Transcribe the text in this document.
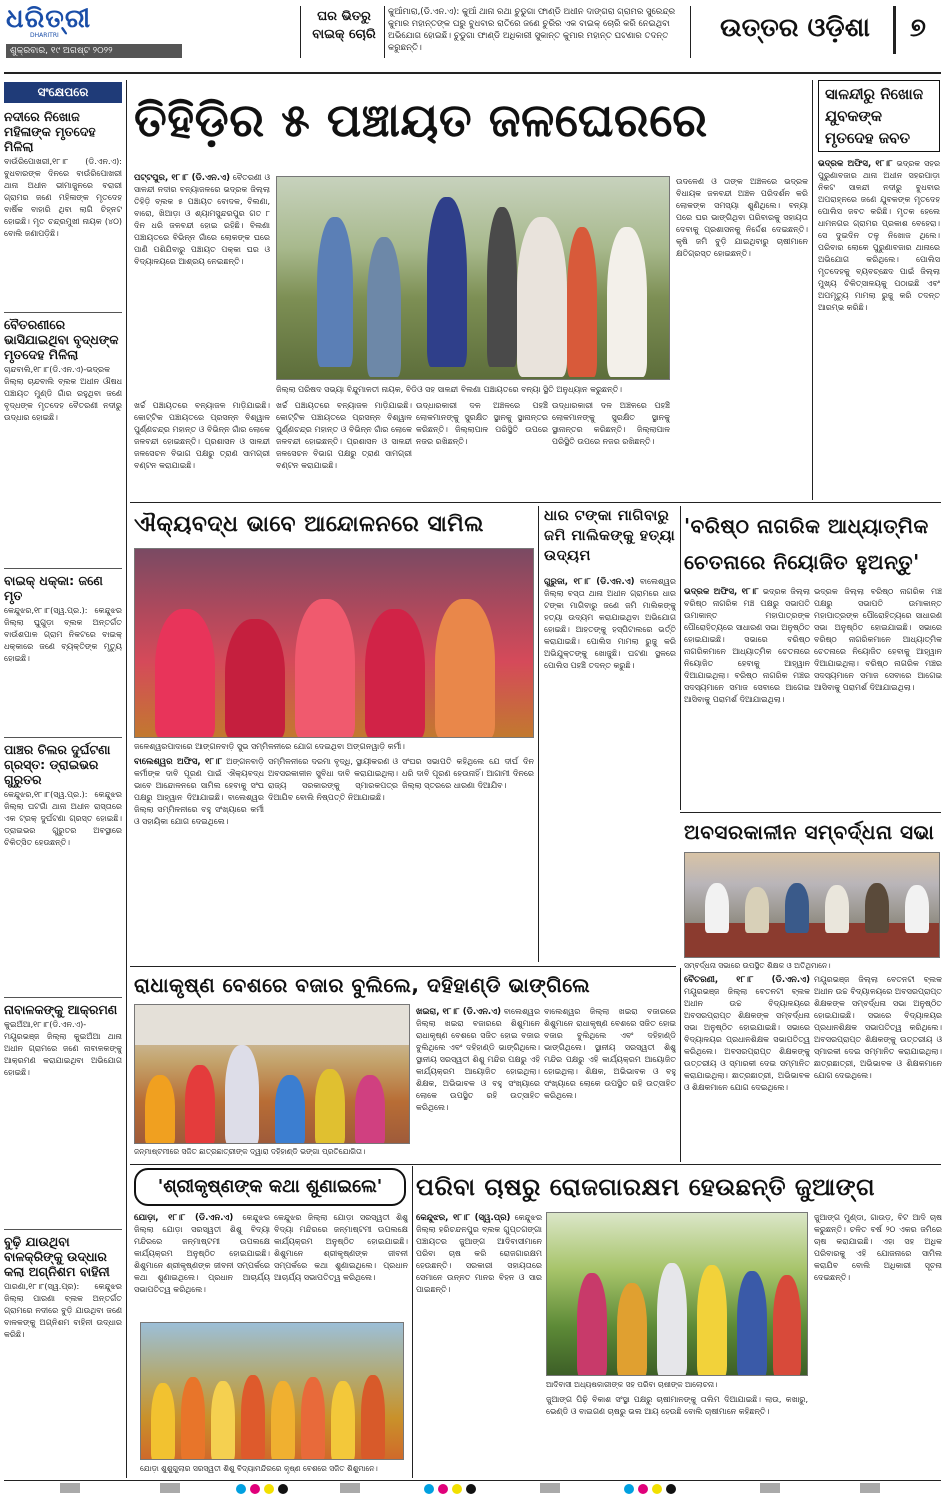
ଧରିତ୍ରୀ
DHARITRI
ଶୁକ୍ରବାର, ୧୯ ଅଗଷ୍ଟ ୨୦୨୨
ଘର ଭିତରୁ ବାଇକ୍ ଚୋରି
କୁଆଁମାରା,(ଡି.ଏନ.ଏ): କୁଆଁ ଥାନା ରଥା ଚୁଡୁଗା ଫାଣ୍ଡି ଅଧୀନ ଦାଙ୍ଗରା ଗ୍ରାମର ସୁରେନ୍ଦ୍ର କୁମାର ମହାନ୍ତଙ୍କ ଘରୁ ବୁଧବାର ରାତିରେ ଜଣେ ଚୁରିର ଏକ ବାଇକ୍ ଚୋରି କରି ନେଇଥିବା ଅଭିଯୋଗ ହୋଇଛି। ଚୁଡୁଗା ଫାଣ୍ଡି ଅଧିକାରୀ ସୁକାନ୍ତ କୁମାର ମହାନ୍ତ ଘଟଣାର ତଦନ୍ତ କରୁଛନ୍ତି।
ଉତ୍ତର ଓଡ଼ିଶା	୭
ସଂକ୍ଷେପରେ
ନଦୀରେ ନିଖୋଜ ମହିଳାଙ୍କ ମୃତଦେହ ମିଳିଲା
ବାଉଁରିପୋଖରୀ,୧୮।୮ (ଡି.ଏନ.ଏ): ବୁଧବାରଙ୍କ ଦିନରେ ବାଉଁରିପୋଖରୀ ଥାନା ଅଧୀନ ଭୀମାଜୁନରେ ବରାରୀ ଗ୍ରାମର ଜଣେ ମହିଳାଙ୍କ ମୃତଦେହ ବାର୍ଷିକ ବାହାରି ଥିବା ଲାଗି ଚିହ୍ନଟ ହୋଇଛି। ମୃତ ଚନ୍ଦ୍ରମୁଖୀ ନାୟକ (୪୦) ବୋଲି ଜଣାପଡ଼ିଛି।
ବୈତରଣୀରେ ଭାସିଯାଇଥିବା ବୃଦ୍ଧଙ୍କ ମୃତଦେହ ମିଳିଲା
ଚାନ୍ଦବାଲି,୧୮।୮(ଡି.ଏନ.ଏ)-ଭଦ୍ରକ ଜିଲ୍ଲା ଚାନ୍ଦବାଲି ବ୍ଲକ ଅଧୀନ ଔଷଧ ପଞ୍ଚାୟତ ମୁଣ୍ଡି ଗାଁର ରହୁଥିବା ଜଣେ ବୃଦ୍ଧଙ୍କ ମୃତଦେହ ବୈତରଣୀ ନଦୀରୁ ଉଦ୍ଧାର ହୋଇଛି।
ବାଇକ୍ ଧକ୍କା: ଜଣେ ମୃତ
କେନ୍ଦୁଝର,୧୮।୮(ସ୍ୱ.ପ୍ର.): କେନ୍ଦୁଝର ଜିଲ୍ଲା ଘୁଗୁଡ଼ା ବ୍ଲକ ଅନ୍ତର୍ଗତ ବାଉଁଶପାଳ ଗ୍ରାମ ନିକଟରେ ବାଇକ୍ ଧକ୍କାରେ ଜଣେ ବ୍ୟକ୍ତିଙ୍କ ମୃତ୍ୟୁ ହୋଇଛି।
ପାଞ୍ଚର ଚିଲର ଦୁର୍ଘଟଣା ଗ୍ରସ୍ତ: ଡ୍ରାଇଭର ଗୁରୁତର
କେନ୍ଦୁଝର,୧୮।୮(ସ୍ୱ.ପ୍ର.): କେନ୍ଦୁଝର ଜିଲ୍ଲା ଘଟଗାଁ ଥାନା ଅଧୀନ ରାସ୍ତାରେ ଏକ ଟ୍ରକ୍ ଦୁର୍ଘଟଣା ଗ୍ରସ୍ତ ହୋଇଛି। ଡ୍ରାଇଭର ଗୁରୁତର ଅବସ୍ଥାରେ ଚିକିତ୍ସିତ ହେଉଛନ୍ତି।
ନାବାଳକଙ୍କୁ ଆକ୍ରମଣ
କୁଇଅଁଆ,୧୮।୮(ଡି.ଏନ.ଏ)- ମୟୂରଭଞ୍ଜ ଜିଲ୍ଲା କୁଇଅଁଆ ଥାନା ଅଧୀନ ଗ୍ରାମରେ ଜଣେ ନାବାଳକଙ୍କୁ ଆକ୍ରମଣ କରାଯାଇଥିବା ଅଭିଯୋଗ ହୋଇଛି।
ବୁଢ଼ି ଯାଉଥିବା ବାଳକ୍ରିଙ୍କୁ ଉଦ୍ଧାର କଲା ଅଗ୍ନିଶମ ବାହିନୀ
ପାରଣା,୧୮।୮(ସ୍ୱ.ପ୍ର): କେନ୍ଦୁଝର ଜିଲ୍ଲା ପାରଣା ବ୍ଲକ ଅନ୍ତର୍ଗତ ଗ୍ରାମରେ ନଦୀରେ ବୁଡ଼ି ଯାଉଥିବା ଜଣେ ବାଳକଙ୍କୁ ଅଗ୍ନିଶମ ବାହିନୀ ଉଦ୍ଧାର କରିଛି।
ତିହିଡ଼ିର ୫ ପଞ୍ଚାୟତ ଜଳଘେରରେ
ପଟ୍ଟପୁର, ୧୮।୮ (ଡି.ଏନ.ଏ) ବୈତରଣୀ ଓ ସାଳନ୍ଦୀ ନଦୀର ବନ୍ୟାଜଳରେ ଭଦ୍ରକ ଜିଲ୍ଲା ତିହିଡ଼ି ବ୍ଲକ ୫ ପଞ୍ଚାୟତ ବୋଦକ, ବିଲଣା, ବାରୋ, ଖିଆଡ଼ା ଓ ଶ୍ୟାମସୁନ୍ଦରପୁର ଗତ ୮ ଦିନ ଧରି ଜଳବନ୍ଦୀ ହୋଇ ରହିଛି। ବିଲଣା ପଞ୍ଚାୟତରେ ବିଭିନ୍ନ ଗାଁରେ ଲୋକଙ୍କ ଘରେ ପାଣି ପଶିଯିବାରୁ ପଞ୍ଚାୟତ ପକ୍କା ଘର ଓ ବିଦ୍ୟାଳୟରେ ଆଶ୍ରୟ ନେଇଛନ୍ତି।
ଜିଲ୍ଲା ପରିଷଦ ସଭ୍ୟା ବିନ୍ଦୁମାଳତୀ ନାୟକ, ବିଡିଓ ସହ ସାଳନ୍ଦୀ ବିଲଣା ପଞ୍ଚାୟତରେ ବନ୍ୟା ସ୍ଥିତି ଅନୁଧ୍ୟାନ କରୁଛନ୍ତି।
ଖର୍ଚ୍ଚ ପଞ୍ଚାୟତରେ ବନ୍ୟାଜଳ ମାଡ଼ିଯାଇଛି। କୋଟ୍ଟିକ ପଞ୍ଚାୟତରେ ପ୍ରସନ୍ନ ବିଶ୍ୱାଳ ପୁର୍ଣ୍ଣଚନ୍ଦ୍ର ମହାନ୍ତ ଓ ବିଭିନ୍ନ ଗାଁର ଲୋକେ ଜଳବନ୍ଦୀ ହୋଇଛନ୍ତି। ପ୍ରଶାସନ ଓ ସାଳନ୍ଦୀ ଜଳସେଚନ ବିଭାଗ ପକ୍ଷରୁ ତ୍ରାଣ ସାମଗ୍ରୀ ବଣ୍ଟନ କରାଯାଇଛି।
ଖର୍ଚ୍ଚ ପଞ୍ଚାୟତରେ ବନ୍ୟାଜଳ ମାଡ଼ିଯାଇଛି। କୋଟ୍ଟିକ ପଞ୍ଚାୟତରେ ପ୍ରସନ୍ନ ବିଶ୍ୱାଳ ପୁର୍ଣ୍ଣଚନ୍ଦ୍ର ମହାନ୍ତ ଓ ବିଭିନ୍ନ ଗାଁର ଲୋକେ ଜଳବନ୍ଦୀ ହୋଇଛନ୍ତି। ପ୍ରଶାସନ ଓ ସାଳନ୍ଦୀ ଜଳସେଚନ ବିଭାଗ ପକ୍ଷରୁ ତ୍ରାଣ ସାମଗ୍ରୀ ବଣ୍ଟନ କରାଯାଇଛି।
ଉଦ୍ଧାରକାରୀ ଦଳ ଅଞ୍ଚଳରେ ପହଞ୍ଚି ଲୋକମାନଙ୍କୁ ସୁରକ୍ଷିତ ସ୍ଥାନକୁ ସ୍ଥାନାନ୍ତର କରିଛନ୍ତି। ଜିଲ୍ଲାପାଳ ପରିସ୍ଥିତି ଉପରେ ନଜର ରଖିଛନ୍ତି।
ଉଦ୍ଧାରକାରୀ ଦଳ ଅଞ୍ଚଳରେ ପହଞ୍ଚି ଲୋକମାନଙ୍କୁ ସୁରକ୍ଷିତ ସ୍ଥାନକୁ ସ୍ଥାନାନ୍ତର କରିଛନ୍ତି। ଜିଲ୍ଲାପାଳ ପରିସ୍ଥିତି ଉପରେ ନଜର ରଖିଛନ୍ତି।
ଉଦଳେଣ ଓ ତାଙ୍କ ଅଞ୍ଚଳରେ ଭଦ୍ରକ ବିଧାୟକ ଜଳବନ୍ଦୀ ଅଞ୍ଚଳ ପରିଦର୍ଶନ କରି ଲୋକଙ୍କ ସମସ୍ୟା ଶୁଣିଥିଲେ। ବନ୍ୟା ପରେ ଘର ଭାଙ୍ଗିଥିବା ପରିବାରକୁ ସହାୟତା ଦେବାକୁ ପ୍ରଶାସନକୁ ନିର୍ଦ୍ଦେଶ ଦେଇଛନ୍ତି। କୃଷି ଜମି ବୁଡ଼ି ଯାଇଥିବାରୁ ଚାଷୀମାନେ କ୍ଷତିଗ୍ରସ୍ତ ହୋଇଛନ୍ତି।
ସାଳନ୍ଦୀରୁ ନିଖୋଜ ଯୁବକଙ୍କ ମୃତଦେହ ଜବତ
ଭଦ୍ରକ ଅଫିସ, ୧୮।୮ ଭଦ୍ରକ ସହର ପୁରୁଣାବଜାର ଥାନା ଅଧୀନ ସହରପାଡ଼ା ନିକଟ ସାଳନ୍ଦୀ ନଦୀରୁ ବୁଧବାର ଅପରାହ୍ନରେ ଜଣେ ଯୁବକଙ୍କ ମୃତଦେହ ପୋଲିସ ଜବତ କରିଛି। ମୃତକ ହେଲେ ଧାମନଗର ଗ୍ରାମର ପ୍ରକାଶ ବେହେରା। ସେ ଦୁଇଦିନ ତଳୁ ନିଖୋଜ ଥିଲେ। ପରିବାର ଲୋକେ ପୁରୁଣାବଜାର ଥାନାରେ ଅଭିଯୋଗ କରିଥିଲେ। ପୋଲିସ ମୃତଦେହକୁ ବ୍ୟବଚ୍ଛେଦ ପାଇଁ ଜିଲ୍ଲା ମୁଖ୍ୟ ଚିକିତ୍ସାଳୟକୁ ପଠାଇଛି ଏବଂ ଅପମୃତ୍ୟୁ ମାମଲା ରୁଜୁ କରି ତଦନ୍ତ ଆରମ୍ଭ କରିଛି।
ଐକ୍ୟବଦ୍ଧ ଭାବେ ଆନ୍ଦୋଳନରେ ସାମିଲ
ଜଳେଶ୍ୱରପାଦାରେ ଆଙ୍ଗନବାଡ଼ି ସୁଭ ସମ୍ମିଳନୀରେ ଯୋଗ ଦେଇଥିବା ଅଙ୍ଗନୱାଡ଼ି କର୍ମୀ।
ବାଲେଶ୍ୱର ଅଫିସ, ୧୮।୮ ଅଙ୍ଗନବାଡ଼ି କର୍ମୀଙ୍କ ଦାବି ପୂରଣ ପାଇଁ ଐକ୍ୟବଦ୍ଧ ଭାବେ ଆନ୍ଦୋଳନରେ ସାମିଲ ହେବାକୁ ସଂଘ ପକ୍ଷରୁ ଆହ୍ୱାନ ଦିଆଯାଇଛି। ବାଲେଶ୍ୱର ଜିଲ୍ଲା ସମ୍ମିଳନୀରେ ବହୁ ସଂଖ୍ୟାରେ କର୍ମୀ ଓ ସହାୟିକା ଯୋଗ ଦେଇଥିଲେ।
ସମ୍ମିଳନୀରେ ଦରମା ବୃଦ୍ଧି, ସ୍ଥାୟୀକରଣ ଓ ଅବସରକାଳୀନ ସୁବିଧା ଦାବି କରାଯାଇଥିଲା। ରାଜ୍ୟ ସରକାରଙ୍କୁ ସ୍ମାରକପତ୍ର ଦିଆଯିବ ବୋଲି ନିଷ୍ପତ୍ତି ନିଆଯାଇଛି।
ସଂଘର ସଭାପତି କହିଥିଲେ ଯେ ଦୀର୍ଘ ଦିନ ଧରି ଦାବି ପୂରଣ ହେଉନାହିଁ। ଆଗାମୀ ଦିନରେ ଜିଲ୍ଲା ସ୍ତରରେ ଧାରଣା ଦିଆଯିବ।
ଧାର ଟଙ୍କା ମାଗିବାରୁ ଜମି ମାଲିକଙ୍କୁ ହତ୍ୟା ଉଦ୍ୟମ
ଗୁରୁଜା, ୧୮।୮ (ଡି.ଏନ.ଏ) ବାଲେଶ୍ୱର ଜିଲ୍ଲା ବସ୍ତା ଥାନା ଅଧୀନ ଗ୍ରାମରେ ଧାର ଟଙ୍କା ମାଗିବାରୁ ଜଣେ ଜମି ମାଲିକଙ୍କୁ ହତ୍ୟା ଉଦ୍ୟମ କରାଯାଇଥିବା ଅଭିଯୋଗ ହୋଇଛି। ଆହତଙ୍କୁ ହସ୍ପିଟାଲରେ ଭର୍ତ୍ତି କରାଯାଇଛି। ପୋଲିସ ମାମଲା ରୁଜୁ କରି ଅଭିଯୁକ୍ତଙ୍କୁ ଖୋଜୁଛି। ଘଟଣା ସ୍ଥଳରେ ପୋଲିସ ପହଞ୍ଚି ତଦନ୍ତ କରୁଛି।
'ବରିଷ୍ଠ ନାଗରିକ ଆଧ୍ୟାତ୍ମିକ ଚେତନାରେ ନିୟୋଜିତ ହୁଅନ୍ତୁ'
ଭଦ୍ରକ ଅଫିସ, ୧୮।୮ ଭଦ୍ରକ ଜିଲ୍ଲା ବରିଷ୍ଠ ନାଗରିକ ମଞ୍ଚ ପକ୍ଷରୁ ସଭାପତି ଉମାକାନ୍ତ ମହାପାତ୍ରଙ୍କ ପୌରୋହିତ୍ୟରେ ସାଧାରଣ ସଭା ଅନୁଷ୍ଠିତ ହୋଇଯାଇଛି। ସଭାରେ ବରିଷ୍ଠ ନାଗରିକମାନେ ଆଧ୍ୟାତ୍ମିକ ଚେତନାରେ ନିୟୋଜିତ ହେବାକୁ ଆହ୍ୱାନ ଦିଆଯାଇଥିଲା। ବରିଷ୍ଠ ନାଗରିକ ମଞ୍ଚର ସଦସ୍ୟମାନେ ସମାଜ ସେବାରେ ଆଗେଇ ଆସିବାକୁ ପରାମର୍ଶ ଦିଆଯାଇଥିଲା।
ଭଦ୍ରକ ଜିଲ୍ଲା ବରିଷ୍ଠ ନାଗରିକ ମଞ୍ଚ ପକ୍ଷରୁ ସଭାପତି ଉମାକାନ୍ତ ମହାପାତ୍ରଙ୍କ ପୌରୋହିତ୍ୟରେ ସାଧାରଣ ସଭା ଅନୁଷ୍ଠିତ ହୋଇଯାଇଛି। ସଭାରେ ବରିଷ୍ଠ ନାଗରିକମାନେ ଆଧ୍ୟାତ୍ମିକ ଚେତନାରେ ନିୟୋଜିତ ହେବାକୁ ଆହ୍ୱାନ ଦିଆଯାଇଥିଲା। ବରିଷ୍ଠ ନାଗରିକ ମଞ୍ଚର ସଦସ୍ୟମାନେ ସମାଜ ସେବାରେ ଆଗେଇ ଆସିବାକୁ ପରାମର୍ଶ ଦିଆଯାଇଥିଲା।
ଅବସରକାଳୀନ ସମ୍ବର୍ଦ୍ଧନା ସଭା
ସମ୍ବର୍ଦ୍ଧନା ସଭାରେ ଉପସ୍ଥିତ ଶିକ୍ଷକ ଓ ଅତିଥିମାନେ।
ରାଧାକୃଷ୍ଣ ବେଶରେ ବଜାର ବୁଲିଲେ, ଦହିହାଣ୍ଡି ଭାଙ୍ଗିଲେ
ଜନ୍ମାଷ୍ଟମୀରେ ସଜିତ ଛାତ୍ରଛାତ୍ରୀଙ୍କ ଦ୍ୱାରା ଦହିହାଣ୍ଡି ଭଙ୍ଗା ପ୍ରତିଯୋଗିତା।
ଖଇରା, ୧୮।୮ (ଡି.ଏନ.ଏ) ବାଲେଶ୍ୱର ଜିଲ୍ଲା ଖଇରା ବଜାରରେ ଶିଶୁମାନେ ରାଧାକୃଷ୍ଣ ବେଶରେ ସଜିତ ହୋଇ ବଜାର ବୁଲିଥିଲେ ଏବଂ ଦହିହାଣ୍ଡି ଭାଙ୍ଗିଥିଲେ। ସ୍ଥାନୀୟ ସରସ୍ୱତୀ ଶିଶୁ ମନ୍ଦିର ପକ୍ଷରୁ ଏହି କାର୍ଯ୍ୟକ୍ରମ ଆୟୋଜିତ ହୋଇଥିଲା। ଶିକ୍ଷକ, ଅଭିଭାବକ ଓ ବହୁ ସଂଖ୍ୟାରେ ଲୋକେ ଉପସ୍ଥିତ ରହି ଉତ୍ସାହିତ କରିଥିଲେ।
ବାଲେଶ୍ୱର ଜିଲ୍ଲା ଖଇରା ବଜାରରେ ଶିଶୁମାନେ ରାଧାକୃଷ୍ଣ ବେଶରେ ସଜିତ ହୋଇ ବଜାର ବୁଲିଥିଲେ ଏବଂ ଦହିହାଣ୍ଡି ଭାଙ୍ଗିଥିଲେ। ସ୍ଥାନୀୟ ସରସ୍ୱତୀ ଶିଶୁ ମନ୍ଦିର ପକ୍ଷରୁ ଏହି କାର୍ଯ୍ୟକ୍ରମ ଆୟୋଜିତ ହୋଇଥିଲା। ଶିକ୍ଷକ, ଅଭିଭାବକ ଓ ବହୁ ସଂଖ୍ୟାରେ ଲୋକେ ଉପସ୍ଥିତ ରହି ଉତ୍ସାହିତ କରିଥିଲେ।
ବୈତରଣୀ, ୧୮।୮ (ଡି.ଏନ.ଏ) ମୟୂରଭଞ୍ଜ ଜିଲ୍ଲା ବେତନଟୀ ବ୍ଲକ ଅଧୀନ ଉଚ୍ଚ ବିଦ୍ୟାଳୟରେ ଅବସରପ୍ରାପ୍ତ ଶିକ୍ଷକଙ୍କ ସମ୍ବର୍ଦ୍ଧନା ସଭା ଅନୁଷ୍ଠିତ ହୋଇଯାଇଛି। ସଭାରେ ବିଦ୍ୟାଳୟର ପ୍ରଧାନଶିକ୍ଷକ ସଭାପତିତ୍ୱ କରିଥିଲେ। ଅବସରପ୍ରାପ୍ତ ଶିକ୍ଷକଙ୍କୁ ଉତ୍ତରୀୟ ଓ ସ୍ମାରକୀ ଦେଇ ସମ୍ମାନିତ କରାଯାଇଥିଲା। ଛାତ୍ରଛାତ୍ରୀ, ଅଭିଭାବକ ଓ ଶିକ୍ଷକମାନେ ଯୋଗ ଦେଇଥିଲେ।
ମୟୂରଭଞ୍ଜ ଜିଲ୍ଲା ବେତନଟୀ ବ୍ଲକ ଅଧୀନ ଉଚ୍ଚ ବିଦ୍ୟାଳୟରେ ଅବସରପ୍ରାପ୍ତ ଶିକ୍ଷକଙ୍କ ସମ୍ବର୍ଦ୍ଧନା ସଭା ଅନୁଷ୍ଠିତ ହୋଇଯାଇଛି। ସଭାରେ ବିଦ୍ୟାଳୟର ପ୍ରଧାନଶିକ୍ଷକ ସଭାପତିତ୍ୱ କରିଥିଲେ। ଅବସରପ୍ରାପ୍ତ ଶିକ୍ଷକଙ୍କୁ ଉତ୍ତରୀୟ ଓ ସ୍ମାରକୀ ଦେଇ ସମ୍ମାନିତ କରାଯାଇଥିଲା। ଛାତ୍ରଛାତ୍ରୀ, ଅଭିଭାବକ ଓ ଶିକ୍ଷକମାନେ ଯୋଗ ଦେଇଥିଲେ।
'ଶ୍ରୀକୃଷ୍ଣଙ୍କ କଥା ଶୁଣାଇଲେ'
ଯୋଡ଼ା, ୧୮।୮ (ଡି.ଏନ.ଏ) କେନ୍ଦୁଝର ଜିଲ୍ଲା ଯୋଡ଼ା ସରସ୍ୱତୀ ଶିଶୁ ବିଦ୍ୟା ମନ୍ଦିରରେ ଜନ୍ମାଷ୍ଟମୀ ଉପଲକ୍ଷେ କାର୍ଯ୍ୟକ୍ରମ ଅନୁଷ୍ଠିତ ହୋଇଯାଇଛି। ଶିଶୁମାନେ ଶ୍ରୀକୃଷ୍ଣଙ୍କ ଜୀବନୀ ସମ୍ପର୍କରେ କଥା ଶୁଣାଇଥିଲେ। ପ୍ରଧାନ ଆଚାର୍ଯ୍ୟ ସଭାପତିତ୍ୱ କରିଥିଲେ।
କେନ୍ଦୁଝର ଜିଲ୍ଲା ଯୋଡ଼ା ସରସ୍ୱତୀ ଶିଶୁ ବିଦ୍ୟା ମନ୍ଦିରରେ ଜନ୍ମାଷ୍ଟମୀ ଉପଲକ୍ଷେ କାର୍ଯ୍ୟକ୍ରମ ଅନୁଷ୍ଠିତ ହୋଇଯାଇଛି। ଶିଶୁମାନେ ଶ୍ରୀକୃଷ୍ଣଙ୍କ ଜୀବନୀ ସମ୍ପର୍କରେ କଥା ଶୁଣାଇଥିଲେ। ପ୍ରଧାନ ଆଚାର୍ଯ୍ୟ ସଭାପତିତ୍ୱ କରିଥିଲେ।
ଯୋଡ଼ା ଶୁଶୁଗୁଲାର ସରସ୍ୱତୀ ଶିଶୁ ବିଦ୍ୟାମନ୍ଦିରରେ କୃଷ୍ଣ ବେଶରେ ସଜିତ ଶିଶୁମାନେ।
ପରିବା ଚାଷରୁ ରୋଜଗାରକ୍ଷମ ହେଉଛନ୍ତି ଜୁଆଙ୍ଗ
କେନ୍ଦୁଝର, ୧୮।୮ (ସ୍ୱ.ପ୍ର) କେନ୍ଦୁଝର ଜିଲ୍ଲା ହରିଚନ୍ଦନପୁର ବ୍ଲକ ଗୁପ୍ତଗଙ୍ଗା ପଞ୍ଚାୟତର ଜୁଆଙ୍ଗ ଆଦିବାସୀମାନେ ପରିବା ଚାଷ କରି ରୋଜଗାରକ୍ଷମ ହେଉଛନ୍ତି। ସରକାରୀ ସହାୟତାରେ ସେମାନେ ଉନ୍ନତ ମାନର ବିହନ ଓ ସାର ପାଇଛନ୍ତି।
ଆଦିବାସୀ ଅଧ୍ୟଷକାରୀଙ୍କ ସହ ପରିବା ଚାଷୀଙ୍କ ଆଲୋଚନା।
ଜୁଆଙ୍ଗ ପିଢ଼ି ବିକାଶ ସଂସ୍ଥା ପକ୍ଷରୁ ଚାଷୀମାନଙ୍କୁ ତାଲିମ ଦିଆଯାଇଛି। ଲାଉ, କଖାରୁ, ଭେଣ୍ଡି ଓ ବାଇଗଣ ଚାଷରୁ ଭଲ ଆୟ ହେଉଛି ବୋଲି ଚାଷୀମାନେ କହିଛନ୍ତି।
ଜୁଆଙ୍ଗ ମୁଣ୍ଡା, ଗାଉଡ଼, ବିଟ ଆଦି ଚାଷ କରୁଛନ୍ତି। ଚଳିତ ବର୍ଷ ୨୦ ଏକର ଜମିରେ ଚାଷ କରାଯାଇଛି। ଏହା ସହ ଅଧିକ ପରିବାରକୁ ଏହି ଯୋଜନାରେ ସାମିଲ କରାଯିବ ବୋଲି ଅଧିକାରୀ ସୂଚନା ଦେଇଛନ୍ତି।
